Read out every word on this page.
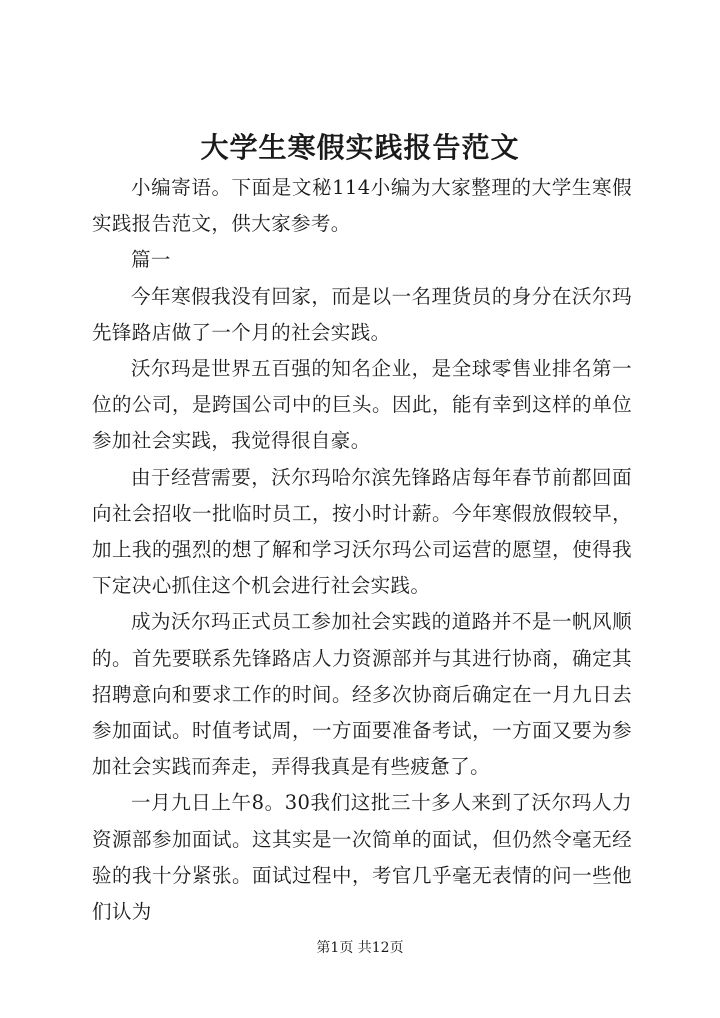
大学生寒假实践报告范文

小编寄语。下面是文秘114小编为大家整理的大学生寒假实践报告范文，供大家参考。

篇一

今年寒假我没有回家，而是以一名理货员的身分在沃尔玛先锋路店做了一个月的社会实践。

沃尔玛是世界五百强的知名企业，是全球零售业排名第一位的公司，是跨国公司中的巨头。因此，能有幸到这样的单位参加社会实践，我觉得很自豪。

由于经营需要，沃尔玛哈尔滨先锋路店每年春节前都回面向社会招收一批临时员工，按小时计薪。今年寒假放假较早，加上我的强烈的想了解和学习沃尔玛公司运营的愿望，使得我下定决心抓住这个机会进行社会实践。

成为沃尔玛正式员工参加社会实践的道路并不是一帆风顺的。首先要联系先锋路店人力资源部并与其进行协商，确定其招聘意向和要求工作的时间。经多次协商后确定在一月九日去参加面试。时值考试周，一方面要准备考试，一方面又要为参加社会实践而奔走，弄得我真是有些疲惫了。

一月九日上午8。30我们这批三十多人来到了沃尔玛人力资源部参加面试。这其实是一次简单的面试，但仍然令毫无经验的我十分紧张。面试过程中，考官几乎毫无表情的问一些他们认为

第1页 共12页
